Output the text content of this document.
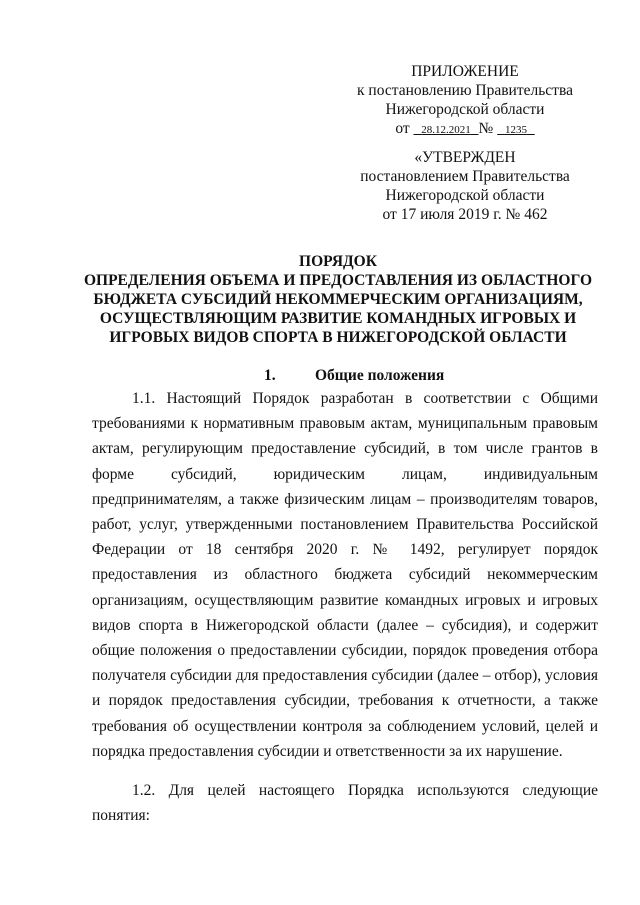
ПРИЛОЖЕНИЕ
к постановлению Правительства
Нижегородской области
от 28.12.2021 № 1235
«УТВЕРЖДЕН
постановлением Правительства
Нижегородской области
от 17 июля 2019 г. № 462
ПОРЯДОК
ОПРЕДЕЛЕНИЯ ОБЪЕМА И ПРЕДОСТАВЛЕНИЯ ИЗ ОБЛАСТНОГО
БЮДЖЕТА СУБСИДИЙ НЕКОММЕРЧЕСКИМ ОРГАНИЗАЦИЯМ,
ОСУЩЕСТВЛЯЮЩИМ РАЗВИТИЕ КОМАНДНЫХ ИГРОВЫХ И
ИГРОВЫХ ВИДОВ СПОРТА В НИЖЕГОРОДСКОЙ ОБЛАСТИ
1.	Общие положения

1.1. Настоящий Порядок разработан в соответствии с Общими требованиями к нормативным правовым актам, муниципальным правовым актам, регулирующим предоставление субсидий, в том числе грантов в форме субсидий, юридическим лицам, индивидуальным предпринимателям, а также физическим лицам – производителям товаров, работ, услуг, утвержденными постановлением Правительства Российской Федерации от 18 сентября 2020 г. № 1492, регулирует порядок предоставления из областного бюджета субсидий некоммерческим организациям, осуществляющим развитие командных игровых и игровых видов спорта в Нижегородской области (далее – субсидия), и содержит общие положения о предоставлении субсидии, порядок проведения отбора получателя субсидии для предоставления субсидии (далее – отбор), условия и порядок предоставления субсидии, требования к отчетности, а также требования об осуществлении контроля за соблюдением условий, целей и порядка предоставления субсидии и ответственности за их нарушение.

1.2. Для целей настоящего Порядка используются следующие понятия:
